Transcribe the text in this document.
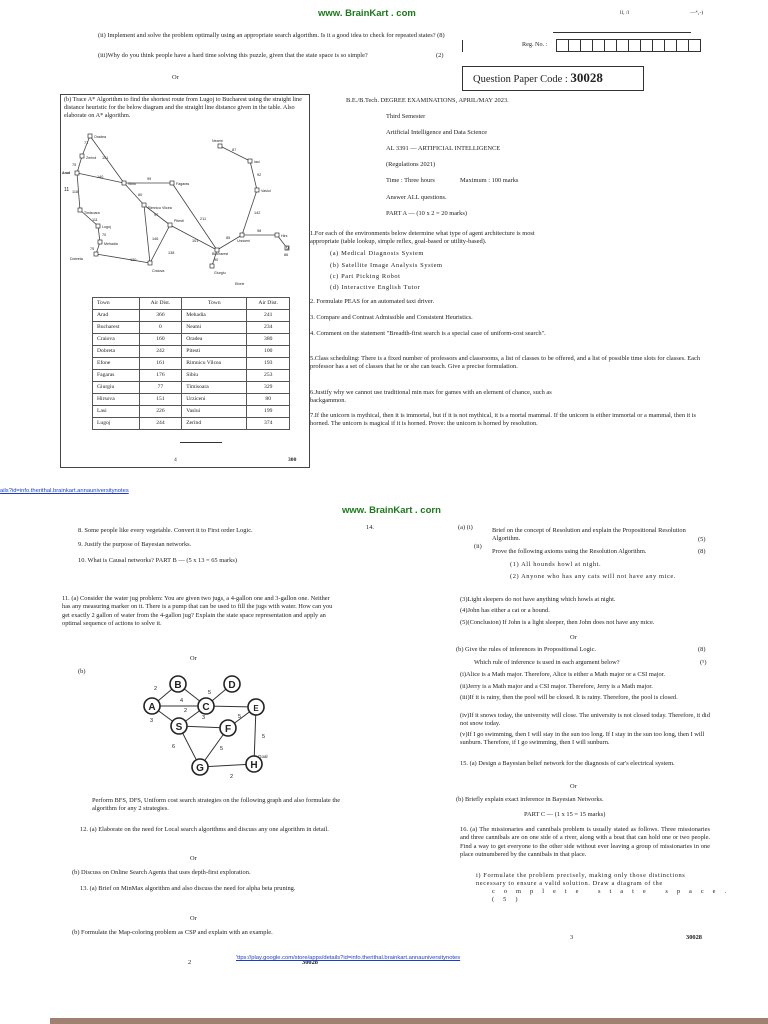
www. BrainKart . com	ll, /l	—⁴₁-)
(ii) Implement and solve the problem optimally using an appropriate search algorithm. Is it a good idea to check for repeated states? (8)
(iii)Why do you think people have a hard time solving this puzzle, given that the state space is so simple?	(2)
Reg. No. :
Question Paper Code : 30028
Or
(b) Trace A* Algorithm to find the shortest route from Lugoj to Bucharest using the straight line distance heuristic for the below diagram and the straight line distance given in the table. Also elaborate on A* algorithm.
Oradea
Zerind
Arad
Sibiu	Fagaras
Rimnicu Vilcea
Pitesti
Timisoara
Lugoj
Mehadia
Dobreta
Craiova
Bucharest
Giurgiu
Urziceni
Hirs
Eforie
Vaslui
Iasi
Neamt
71
151
87
140	92
99
75
80
118
211
142
97
111
98
70
146	101
85
86
75
138
120	90
11
9
Town	Air Dist.	Town	Air Dist.
Arad	366	Mehadia	241
Bucharest	0	Neami	234
Craiova	160	Oradea	380
Dobreta	242	Pitesti	100
Efone	161	Rimnicu Vilcea	193
Fagaras	176	Sibiu	253
Giurgiu	77	Timisoara	329
Hirsova	151	Urziceni	80
Lasi	226	Vaslui	199
Lugoj	244	Zerind	374
4	300
B.E./B.Tech. DEGREE EXAMINATIONS, APRIL/MAY 2023.
Third Semester
Artificial Intelligence and Data Science
AL 3391 — ARTIFICIAL INTELLIGENCE
(Regulations 2021)
Time : Three hours	Maximum : 100 marks
Answer ALL questions.
PART A — (10 x 2 = 20 marks)
1.For each of the environments below determine what type of agent architecture is most appropriate (table lookup, simple reflex, goal-based or utility-based).
(a) Medical Diagnosis System
(b) Satellite Image Analysis System
(c) Part Picking Robot
(d) Interactive English Tutor
2. Formulate PEAS for an automated taxi driver.
3. Compare and Contrast Admissible and Consistent Heuristics.
4. Comment on the statement "Breadth-first search is a special case of uniform-cost search".
5.Class scheduling: There is a fixed number of professors and classrooms, a list of classes to be offered, and a list of possible time slots for classes. Each professor has a set of classes that he or she can teach. Give a precise formulation.
6.Justify why we cannot use traditional min max for games with an element of chance, such as backgammon.
7.If the unicorn is mythical, then it is immortal, but if it is not mythical, it is a mortal mammal. If the unicorn is either immortal or a mammal, then it is horned. The unicorn is magical if it is horned. Prove: the unicorn is horned by resolution.
ails?id=info.therithal.brainkart.annauniversitynotes
www. BrainKart . corn
8. Some people like every vegetable. Convert it to First order Logic.
9. Justify the purpose of Bayesian networks.
10. What is Causal networks? PART B — (5 x 13 = 65 marks)
11. (a) Consider the water jug problem: You are given two jugs, a 4-gallon one and 3-gallon one. Neither has any measuring marker on it. There is a pump that can be used to fill the jugs with water. How can you get exactly 2 gallon of water from the 4-gallon jug? Explain the state space representation and apply an optimal sequence of actions to solve it.
Or
(b)
B	D
A	C	E
S	F
G	H
2
5
4
3
2
3	5
6	5
5
2
Goal
Perform BFS, DFS, Uniform cost search strategies on the following graph and also formulate the algorithm for any 2 strategies.
12. (a) Elaborate on the need for Local search algorithms and discuss any one algorithm in detail.
Or
(b) Discuss on Online Search Agents that uses depth-first exploration.
13. (a) Brief on MinMax algorithm and also discuss the need for alpha beta pruning.
Or
(b) Formulate the Map-coloring problem as CSP and explain with an example.
2	30028
14.	(a) (i)	Brief on the concept of Resolution and explain the Propositional Resolution Algorithm.	(5)
(ii)
Prove the following axioms using the Resolution Algorithm.	(8)
(1) All hounds howl at night.
(2) Anyone who has any cats will not have any mice.
(3)Light sleepers do not have anything which howls at night.
(4)John has either a cat or a hound.
(5)(Conclusion) If John is a light sleeper, then John does not have any mice.
Or
(b) Give the rules of inferences in Propositional Logic.	(8)
Which rule of inference is used in each argument below?	(⁵)
(i)Alice is a Math major. Therefore, Alice is either a Math major or a CSI major.
(ii)Jerry is a Math major and a CSI major. Therefore, Jerry is a Math major.
(iii)If it is rainy, then the pool will be closed. It is rainy. Therefore, the pool is closed.
(iv)If it snows today, the university will close. The university is not closed today. Therefore, it did not snow today.
(v)If I go swimming, then I will stay in the sun too long. If I stay in the sun too long, then I will sunburn. Therefore, if I go swimming, then I will sunburn.
15. (a) Design a Bayesian belief network for the diagnosis of car's electrical system.
Or
(b) Briefly explain exact inference in Bayesian Networks.
PART C — (1 x 15 = 15 marks)
16. (a) The missionaries and cannibals problem is usually stated as follows. Three missionaries and three cannibals are on one side of a river, along with a boat that can hold one or two people. Find a way to get everyone to the other side without ever leaving a group of missionaries in one place outnumbered by the cannibals in that place.
i) Formulate the problem precisely, making only those distinctions necessary to ensure a valid solution. Draw a diagram of the
complete state space. (5)
3	30028
'ttps://play.google.com/store/apps/details?id=info.therithal.brainkart.annauniversitynotes
